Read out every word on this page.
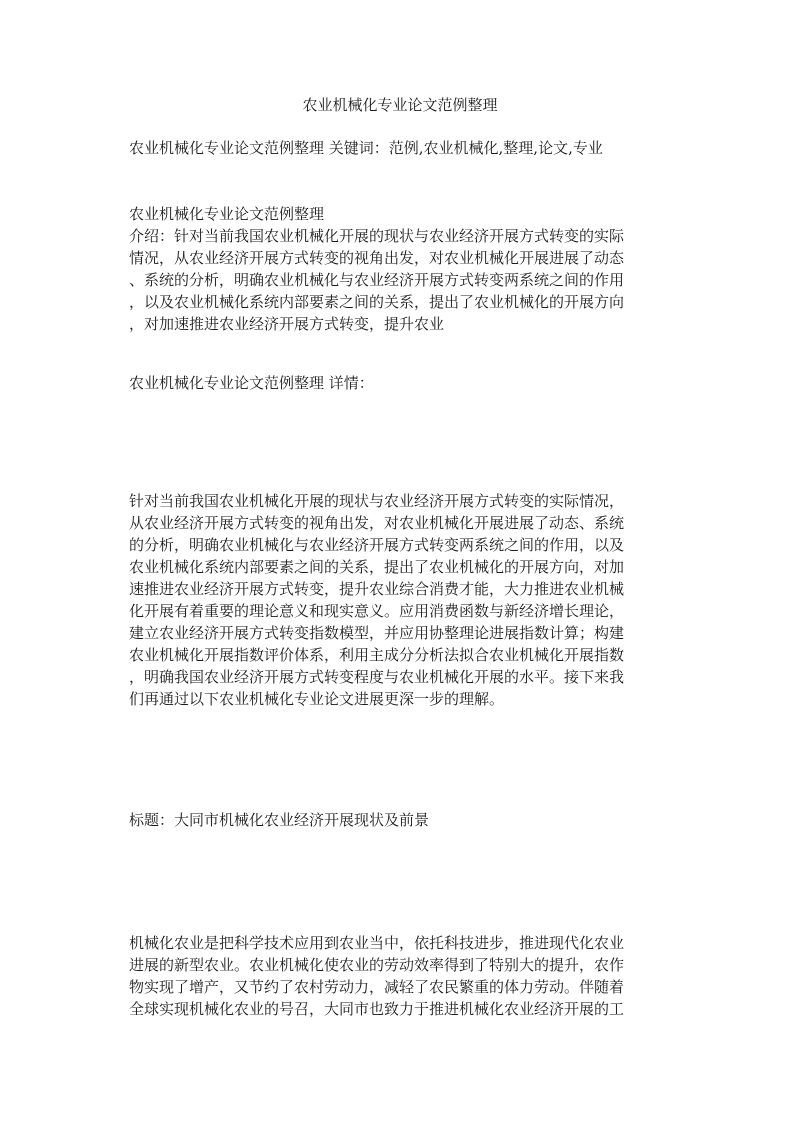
农业机械化专业论文范例整理
农业机械化专业论文范例整理 关键词：范例,农业机械化,整理,论文,专业
农业机械化专业论文范例整理
介绍：针对当前我国农业机械化开展的现状与农业经济开展方式转变的实际
情况，从农业经济开展方式转变的视角出发，对农业机械化开展进展了动态
、系统的分析，明确农业机械化与农业经济开展方式转变两系统之间的作用
，以及农业机械化系统内部要素之间的关系，提出了农业机械化的开展方向
，对加速推进农业经济开展方式转变，提升农业
农业机械化专业论文范例整理 详情：
针对当前我国农业机械化开展的现状与农业经济开展方式转变的实际情况，
从农业经济开展方式转变的视角出发，对农业机械化开展进展了动态、系统
的分析，明确农业机械化与农业经济开展方式转变两系统之间的作用，以及
农业机械化系统内部要素之间的关系，提出了农业机械化的开展方向，对加
速推进农业经济开展方式转变，提升农业综合消费才能，大力推进农业机械
化开展有着重要的理论意义和现实意义。应用消费函数与新经济增长理论，
建立农业经济开展方式转变指数模型，并应用协整理论进展指数计算；构建
农业机械化开展指数评价体系，利用主成分分析法拟合农业机械化开展指数
，明确我国农业经济开展方式转变程度与农业机械化开展的水平。接下来我
们再通过以下农业机械化专业论文进展更深一步的理解。
标题：大同市机械化农业经济开展现状及前景
机械化农业是把科学技术应用到农业当中，依托科技进步，推进现代化农业
进展的新型农业。农业机械化使农业的劳动效率得到了特别大的提升，农作
物实现了增产，又节约了农村劳动力，减轻了农民繁重的体力劳动。伴随着
全球实现机械化农业的号召，大同市也致力于推进机械化农业经济开展的工
